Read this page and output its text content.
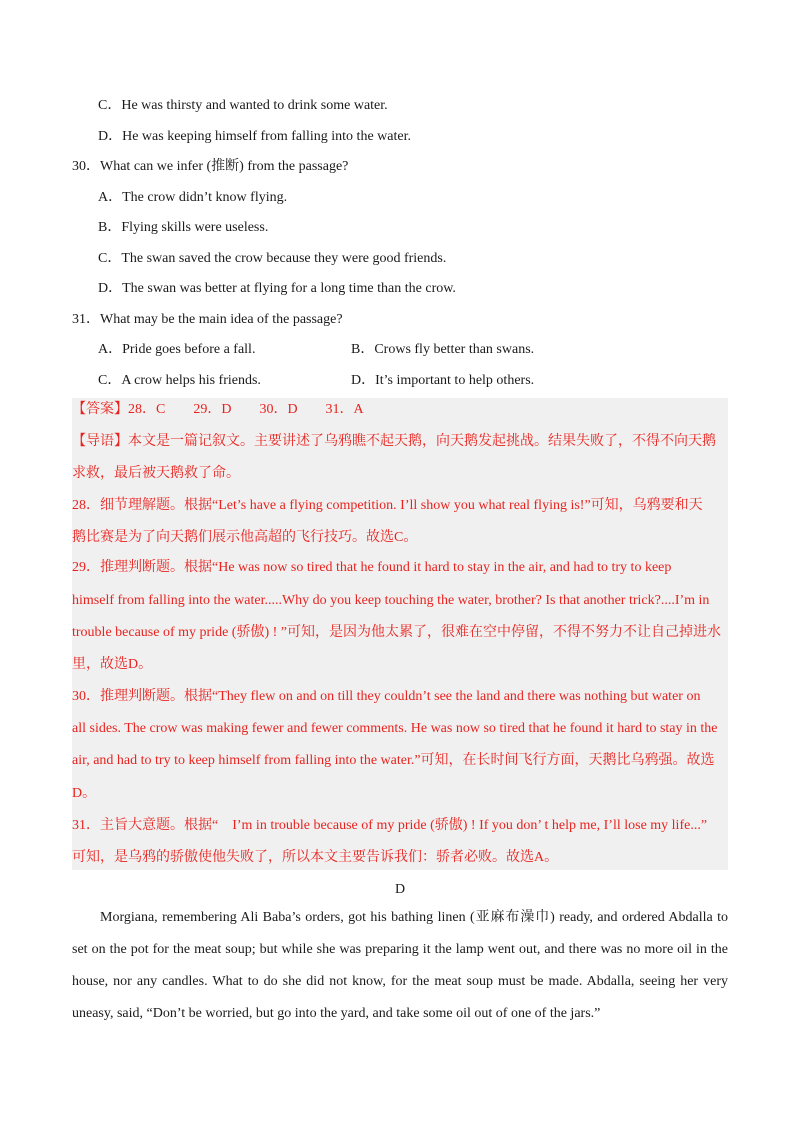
C．He was thirsty and wanted to drink some water.
D．He was keeping himself from falling into the water.
30．What can we infer (推断) from the passage?
A．The crow didn’t know flying.
B．Flying skills were useless.
C．The swan saved the crow because they were good friends.
D．The swan was better at flying for a long time than the crow.
31．What may be the main idea of the passage?
A．Pride goes before a fall.	B．Crows fly better than swans.
C．A crow helps his friends.	D．It’s important to help others.
【答案】28．C　　29．D　　30．D　　31．A
【导语】本文是一篇记叙文。主要讲述了乌鸦瞧不起天鹅，向天鹅发起挑战。结果失败了，不得不向天鹅
求救，最后被天鹅救了命。
28．细节理解题。根据“Let’s have a flying competition. I’ll show you what real flying is!”可知，乌鸦要和天
鹅比赛是为了向天鹅们展示他高超的飞行技巧。故选C。
29．推理判断题。根据“He was now so tired that he found it hard to stay in the air, and had to try to keep
himself from falling into the water.....Why do you keep touching the water, brother? Is that another trick?....I’m in
trouble because of my pride (骄傲) ! ”可知，是因为他太累了，很难在空中停留，不得不努力不让自己掉进水
里，故选D。
30．推理判断题。根据“They flew on and on till they couldn’t see the land and there was nothing but water on
all sides. The crow was making fewer and fewer comments. He was now so tired that he found it hard to stay in the
air, and had to try to keep himself from falling into the water.”可知，在长时间飞行方面，天鹅比乌鸦强。故选
D。
31．主旨大意题。根据“　I’m in trouble because of my pride (骄傲) ! If you don’ t help me, I’ll lose my life...”
可知，是乌鸦的骄傲使他失败了，所以本文主要告诉我们：骄者必败。故选A。
D

Morgiana, remembering Ali Baba’s orders, got his bathing linen (亚麻布澡巾) ready, and ordered Abdalla to set on the pot for the meat soup; but while she was preparing it the lamp went out, and there was no more oil in the house, nor any candles. What to do she did not know, for the meat soup must be made. Abdalla, seeing her very uneasy, said, “Don’t be worried, but go into the yard, and take some oil out of one of the jars.”
